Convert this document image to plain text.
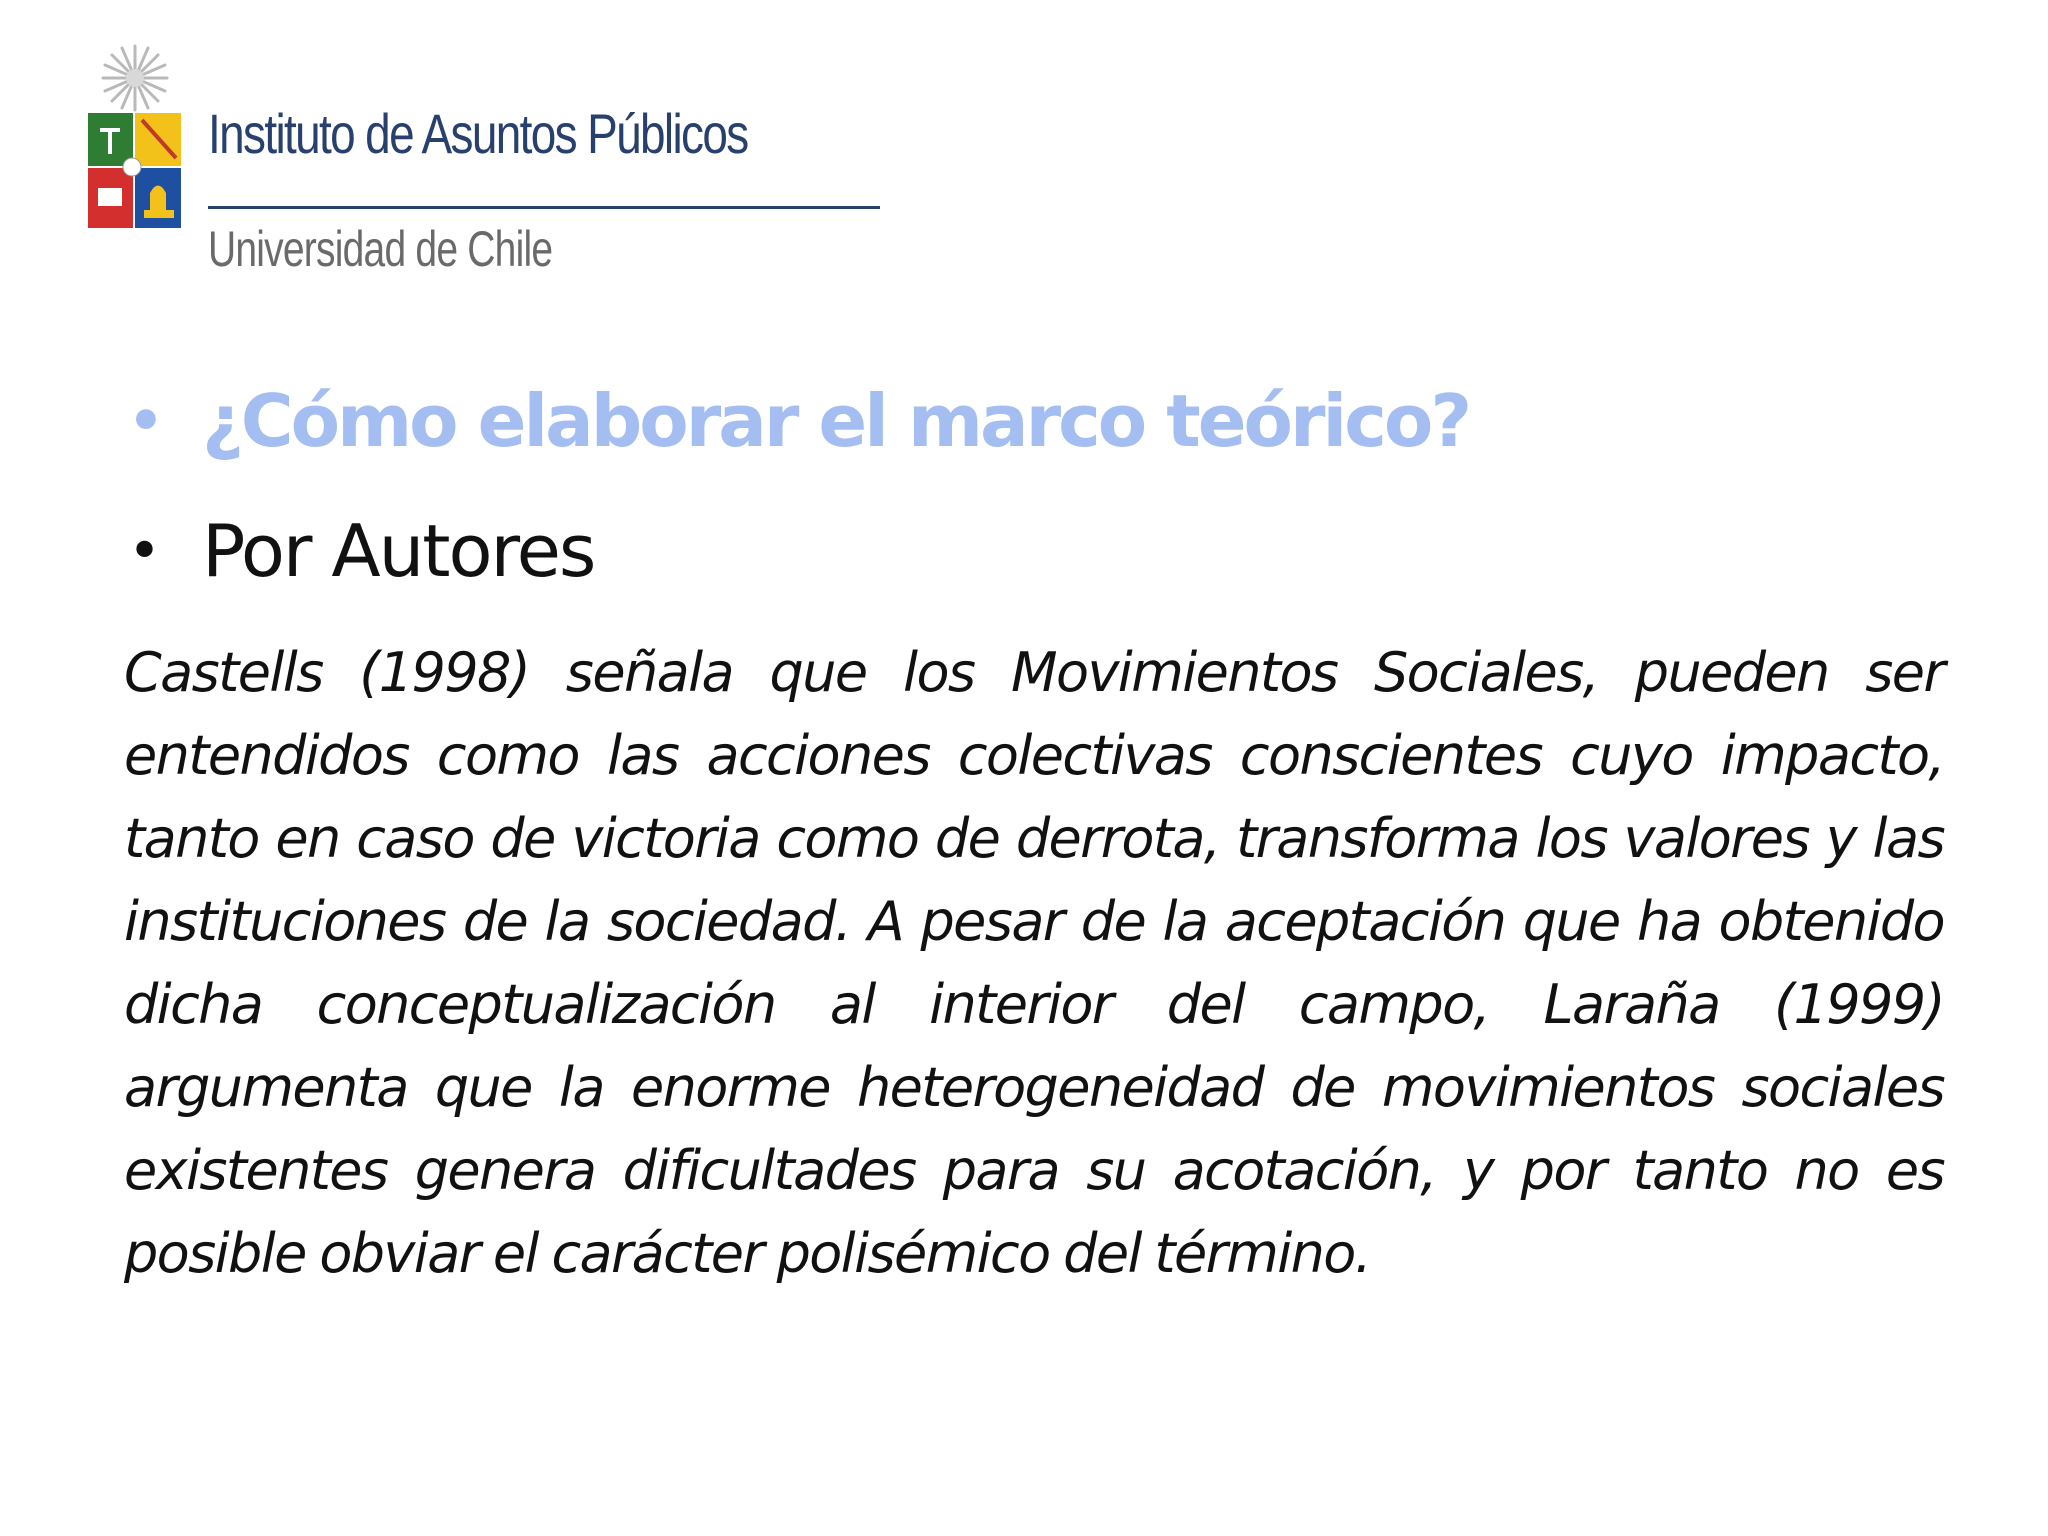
Instituto de Asuntos Públicos
Universidad de Chile
• ¿Cómo elaborar el marco teórico?
• Por Autores

Castells (1998) señala que los Movimientos Sociales, pueden ser entendidos como las acciones colectivas conscientes cuyo impacto, tanto en caso de victoria como de derrota, transforma los valores y las instituciones de la sociedad. A pesar de la aceptación que ha obtenido dicha conceptualización al interior del campo, Laraña (1999) argumenta que la enorme heterogeneidad de movimientos sociales existentes genera dificultades para su acotación, y por tanto no es posible obviar el carácter polisémico del término.
